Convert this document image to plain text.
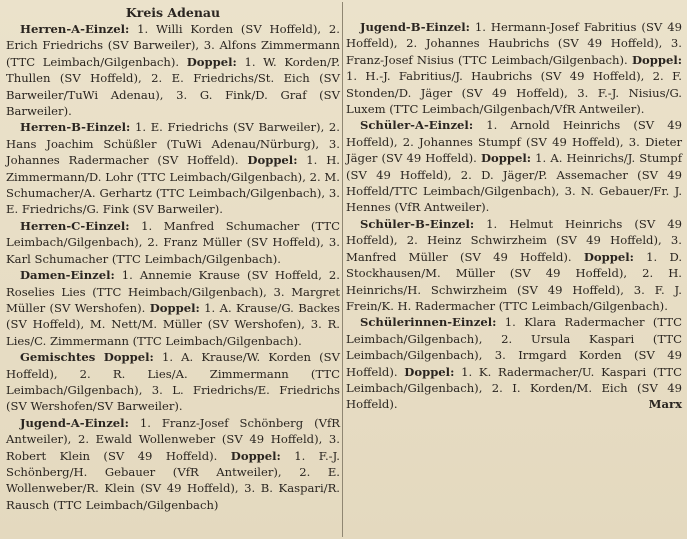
Kreis Adenau

Herren-A-Einzel: 1. Willi Korden (SV Hoffeld), 2. Erich Friedrichs (SV Barweiler), 3. Alfons Zimmermann (TTC Leimbach/Gilgenbach). Doppel: 1. W. Korden/P. Thullen (SV Hoffeld), 2. E. Friedrichs/St. Eich (SV Barweiler/TuWi Adenau), 3. G. Fink/D. Graf (SV Barweiler).

Herren-B-Einzel: 1. E. Friedrichs (SV Barweiler), 2. Hans Joachim Schüßler (TuWi Adenau/Nürburg), 3. Johannes Radermacher (SV Hoffeld). Doppel: 1. H. Zimmermann/D. Lohr (TTC Leimbach/Gilgenbach), 2. M. Schumacher/A. Gerhartz (TTC Leimbach/Gilgenbach), 3. E. Friedrichs/G. Fink (SV Barweiler).

Herren-C-Einzel: 1. Manfred Schumacher (TTC Leimbach/Gilgenbach), 2. Franz Müller (SV Hoffeld), 3. Karl Schumacher (TTC Leimbach/Gilgenbach).

Damen-Einzel: 1. Annemie Krause (SV Hoffeld, 2. Roselies Lies (TTC Heimbach/Gilgenbach), 3. Margret Müller (SV Wershofen). Doppel: 1. A. Krause/G. Backes (SV Hoffeld), M. Nett/M. Müller (SV Wershofen), 3. R. Lies/C. Zimmermann (TTC Leimbach/Gilgenbach).

Gemischtes Doppel: 1. A. Krause/W. Korden (SV Hoffeld), 2. R. Lies/A. Zimmermann (TTC Leimbach/Gilgenbach), 3. L. Friedrichs/E. Friedrichs (SV Wershofen/SV Barweiler).

Jugend-A-Einzel: 1. Franz-Josef Schönberg (VfR Antweiler), 2. Ewald Wollenweber (SV 49 Hoffeld), 3. Robert Klein (SV 49 Hoffeld). Doppel: 1. F.-J. Schönberg/H. Gebauer (VfR Antweiler), 2. E. Wollenweber/R. Klein (SV 49 Hoffeld), 3. B. Kaspari/R. Rausch (TTC Leimbach/Gilgenbach)

Jugend-B-Einzel: 1. Hermann-Josef Fabritius (SV 49 Hoffeld), 2. Johannes Haubrichs (SV 49 Hoffeld), 3. Franz-Josef Nisius (TTC Leimbach/Gilgenbach). Doppel: 1. H.-J. Fabritius/J. Haubrichs (SV 49 Hoffeld), 2. F. Stonden/D. Jäger (SV 49 Hoffeld), 3. F.-J. Nisius/G. Luxem (TTC Leimbach/Gilgenbach/VfR Antweiler).

Schüler-A-Einzel: 1. Arnold Heinrichs (SV 49 Hoffeld), 2. Johannes Stumpf (SV 49 Hoffeld), 3. Dieter Jäger (SV 49 Hoffeld). Doppel: 1. A. Heinrichs/J. Stumpf (SV 49 Hoffeld), 2. D. Jäger/P. Assemacher (SV 49 Hoffeld/TTC Leimbach/Gilgenbach), 3. N. Gebauer/Fr. J. Hennes (VfR Antweiler).

Schüler-B-Einzel: 1. Helmut Heinrichs (SV 49 Hoffeld), 2. Heinz Schwirzheim (SV 49 Hoffeld), 3. Manfred Müller (SV 49 Hoffeld). Doppel: 1. D. Stockhausen/M. Müller (SV 49 Hoffeld), 2. H. Heinrichs/H. Schwirzheim (SV 49 Hoffeld), 3. F. J. Frein/K. H. Radermacher (TTC Leimbach/Gilgenbach).

Schülerinnen-Einzel: 1. Klara Radermacher (TTC Leimbach/Gilgenbach), 2. Ursula Kaspari (TTC Leimbach/Gilgenbach), 3. Irmgard Korden (SV 49 Hoffeld). Doppel: 1. K. Radermacher/U. Kaspari (TTC Leimbach/Gilgenbach), 2. I. Korden/M. Eich (SV 49 Hoffeld).	Marx
